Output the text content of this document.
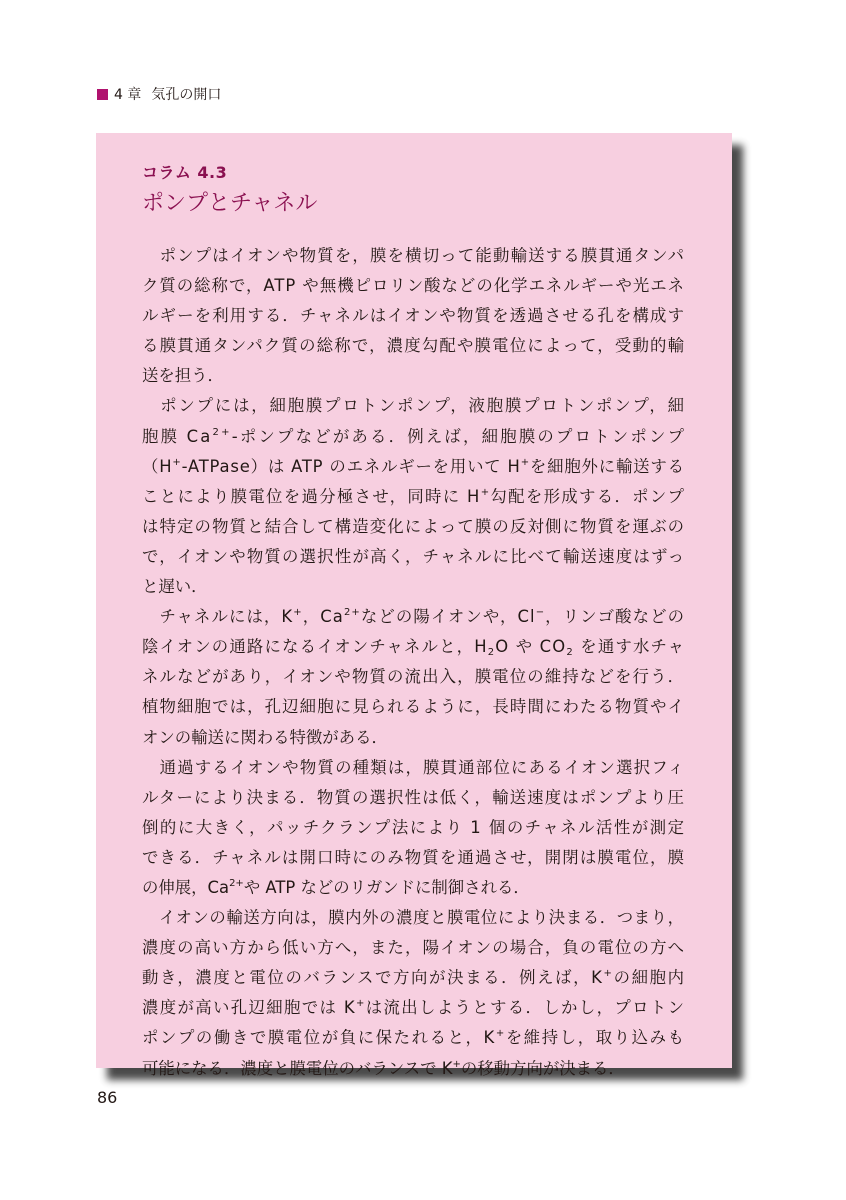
4 章 気孔の開口
コラム 4.3
ポンプとチャネル
　ポンプはイオンや物質を，膜を横切って能動輸送する膜貫通タンパ
ク質の総称で，ATP や無機ピロリン酸などの化学エネルギーや光エネ
ルギーを利用する．チャネルはイオンや物質を透過させる孔を構成す
る膜貫通タンパク質の総称で，濃度勾配や膜電位によって，受動的輸
送を担う．
　ポンプには，細胞膜プロトンポンプ，液胞膜プロトンポンプ，細
胞膜 $Ca^{2+}-$ポンプなどがある．例えば，細胞膜のプロトンポンプ
（H+-ATPase）は ATP のエネルギーを用いて H+を細胞外に輸送する
ことにより膜電位を過分極させ，同時に H+勾配を形成する．ポンプ
は特定の物質と結合して構造変化によって膜の反対側に物質を運ぶの
で，イオンや物質の選択性が高く，チャネルに比べて輸送速度はずっ
と遅い．
　チャネルには，K+，$Ca^{2+}$などの陽イオンや，Cl−，リンゴ酸などの
陰イオンの通路になるイオンチャネルと，$H_2O$ や $CO_2$ を通す水チャ
ネルなどがあり，イオンや物質の流出入，膜電位の維持などを行う．
植物細胞では，孔辺細胞に見られるように，長時間にわたる物質やイ
オンの輸送に関わる特徴がある．
　通過するイオンや物質の種類は，膜貫通部位にあるイオン選択フィ
ルターにより決まる．物質の選択性は低く，輸送速度はポンプより圧
倒的に大きく，パッチクランプ法により 1 個のチャネル活性が測定
できる．チャネルは開口時にのみ物質を通過させ，開閉は膜電位，膜
の伸展，$Ca^{2+}$や ATP などのリガンドに制御される．
　イオンの輸送方向は，膜内外の濃度と膜電位により決まる．つまり，
濃度の高い方から低い方へ，また，陽イオンの場合，負の電位の方へ
動き，濃度と電位のバランスで方向が決まる．例えば，K+の細胞内
濃度が高い孔辺細胞では K+は流出しようとする．しかし，プロトン
ポンプの働きで膜電位が負に保たれると，K+を維持し，取り込みも
可能になる．濃度と膜電位のバランスで K+の移動方向が決まる．
86
